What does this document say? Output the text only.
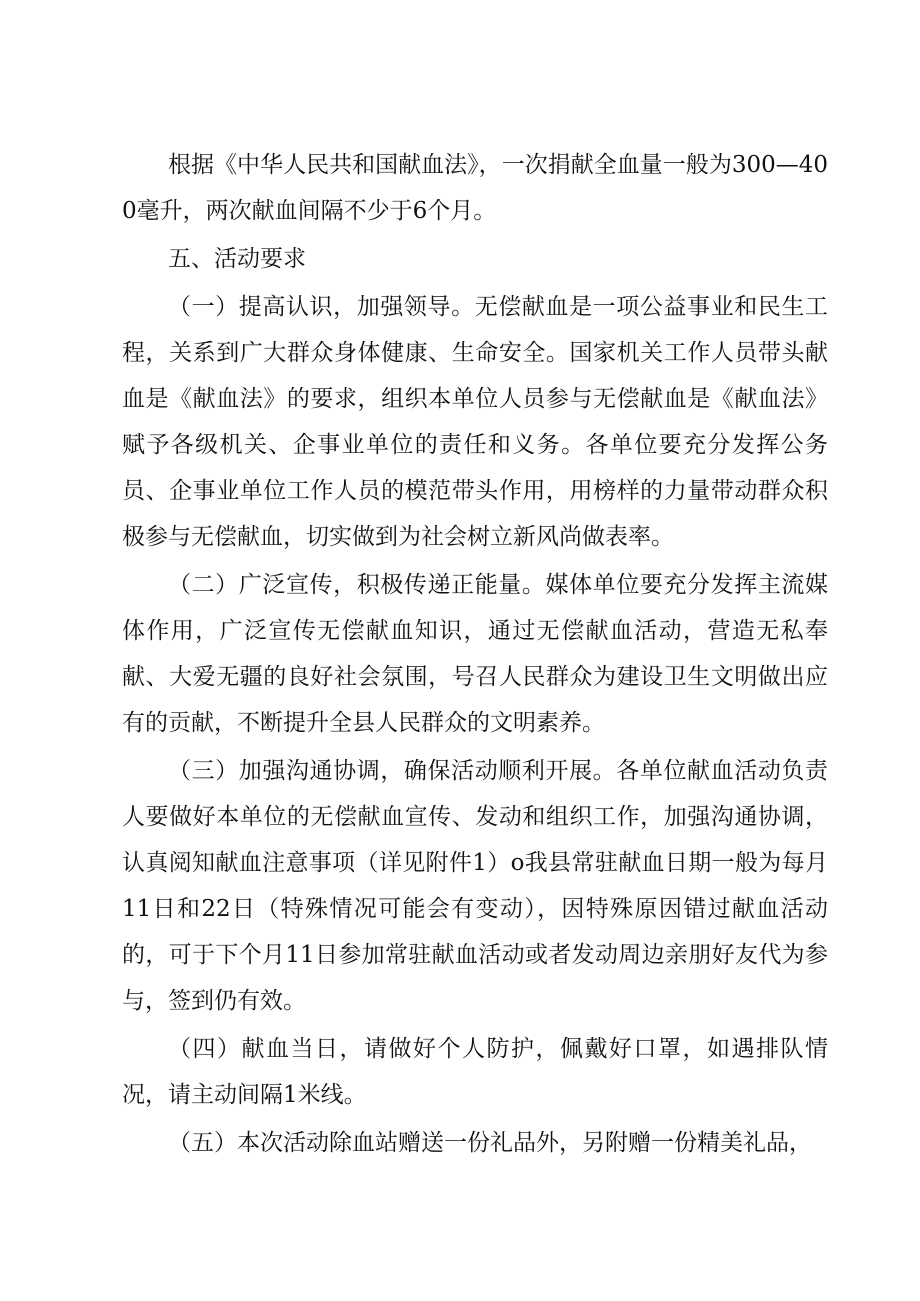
根据《中华人民共和国献血法》，一次捐献全血量一般为300—400毫升，两次献血间隔不少于6个月。

五、活动要求

（一）提高认识，加强领导。无偿献血是一项公益事业和民生工程，关系到广大群众身体健康、生命安全。国家机关工作人员带头献血是《献血法》的要求，组织本单位人员参与无偿献血是《献血法》赋予各级机关、企事业单位的责任和义务。各单位要充分发挥公务员、企事业单位工作人员的模范带头作用，用榜样的力量带动群众积极参与无偿献血，切实做到为社会树立新风尚做表率。

（二）广泛宣传，积极传递正能量。媒体单位要充分发挥主流媒体作用，广泛宣传无偿献血知识，通过无偿献血活动，营造无私奉献、大爱无疆的良好社会氛围，号召人民群众为建设卫生文明做出应有的贡献，不断提升全县人民群众的文明素养。

（三）加强沟通协调，确保活动顺利开展。各单位献血活动负责人要做好本单位的无偿献血宣传、发动和组织工作，加强沟通协调，认真阅知献血注意事项（详见附件1）o我县常驻献血日期一般为每月11日和22日（特殊情况可能会有变动），因特殊原因错过献血活动的，可于下个月11日参加常驻献血活动或者发动周边亲朋好友代为参与，签到仍有效。

（四）献血当日，请做好个人防护，佩戴好口罩，如遇排队情况，请主动间隔1米线。

（五）本次活动除血站赠送一份礼品外，另附赠一份精美礼品，
